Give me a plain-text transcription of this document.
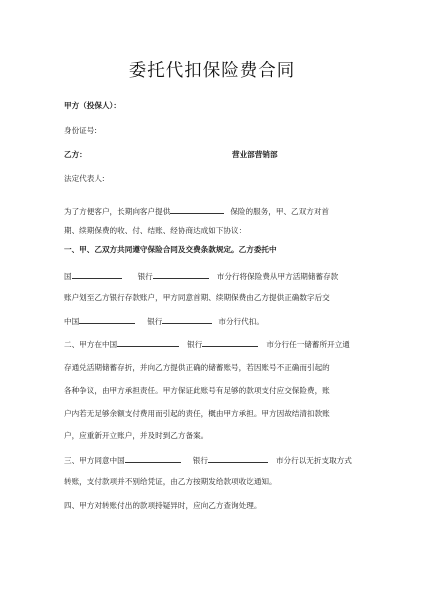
委托代扣保险费合同
甲方（投保人）：
身份证号:
乙方：	营业部营销部
法定代表人:
为了方便客户，长期向客户提供	保险的服务，甲、乙双方对首
期、续期保费的收、付、结账、经协商达成如下协议：
一、甲、乙双方共同遵守保险合同及交费条款规定。乙方委托中
国	银行	市分行将保险费从甲方活期储蓄存款
账户划至乙方银行存款账户，甲方同意首期、续期保费由乙方提供正确数字后交
中国	银行	市分行代扣。
二、甲方在中国	银行	市分行任一储蓄所开立通
存通兑活期储蓄存折，并向乙方提供正确的储蓄账号，若因账号不正确而引起的
各种争议，由甲方承担责任。甲方保证此账号有足够的款项支付应交保险费，账
户内若无足够余额支付费用而引起的责任，概由甲方承担。甲方因故结清扣款账
户，应重新开立账户，并及时到乙方备案。
三、甲方同意中国	银行	市分行以无折支取方式
转账，支付款项并不别给凭证，由乙方按期发给款项收讫通知。
四、甲方对转账付出的款项持疑异时，应向乙方查询处理。
